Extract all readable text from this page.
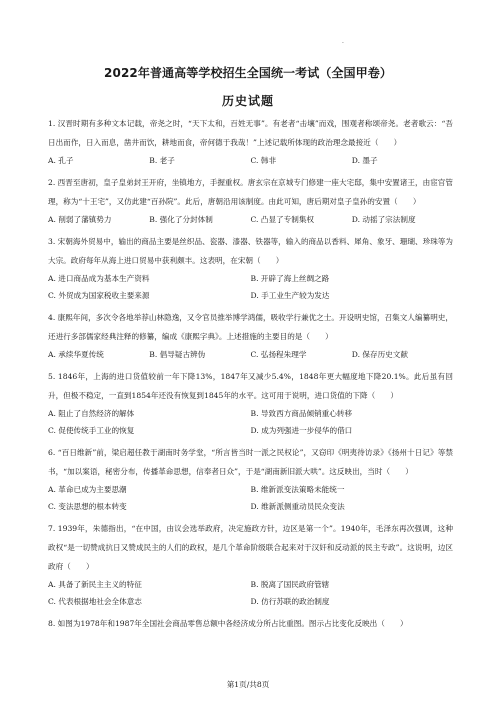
·
2022年普通高等学校招生全国统一考试（全国甲卷）
历史试题
1. 汉晋时期有多种文本记载，帝尧之时，“天下太和，百姓无事”。有老者“击壤”而戏，围观者称颂帝尧。老者歌云：“吾日出而作，日入而息，凿井而饮，耕地而食，帝何德于我哉！”上述记载所体现的政治理念最接近（　　）
A. 孔子	B. 老子	C. 韩非	D. 墨子
2. 西晋至唐初，皇子皇弟封王开府，坐镇地方，手握重权。唐玄宗在京城专门修建一座大宅邸，集中安置诸王，由宦官管理，称为“十王宅”，又仿此建“百孙院”。此后，唐朝沿用该制度。由此可知，唐后期对皇子皇孙的安置（　　）
A. 削弱了藩镇势力	B. 强化了分封体制	C. 凸显了专制集权	D. 动摇了宗法制度
3. 宋朝海外贸易中，输出的商品主要是丝织品、瓷器、漆器、铁器等，输入的商品以香料、犀角、象牙、珊瑚、珍珠等为大宗。政府每年从海上进口贸易中获利颇丰。这表明，在宋朝（　　）
A. 进口商品成为基本生产资料	B. 开辟了海上丝绸之路
C. 外贸成为国家税收主要来源	D. 手工业生产较为发达
4. 康熙年间，多次令各地举荐山林隐逸，又令官员推举博学鸿儒，吸收学行兼优之士。开设明史馆，召集文人编纂明史，还进行多部儒家经典注释的修纂，编成《康熙字典》。上述措施的主要目的是（　　）
A. 承续华夏传统	B. 倡导疑古辨伪	C. 弘扬程朱理学	D. 保存历史文献
5. 1846年，上海的进口货值较前一年下降13%，1847年又减少5.4%，1848年更大幅度地下降20.1%。此后虽有回升，但极不稳定，一直到1854年还没有恢复到1845年的水平。这可用于说明，进口货值的下降（　　）
A. 阻止了自然经济的解体	B. 导致西方商品倾销重心转移
C. 促使传统手工业的恢复	D. 成为列强进一步侵华的借口
6. “百日维新”前，梁启超任教于湖南时务学堂，“所言皆当时一派之民权论”，又窃印《明夷待访录》《扬州十日记》等禁书，“加以案语，秘密分布，传播革命思想，信奉者日众”，于是“湖南新旧派大哄”。这反映出，当时（　　）
A. 革命已成为主要思潮	B. 维新派变法策略未能统一
C. 变法思想的根本转变	D. 维新派侧重动员民众变法
7. 1939年，朱德指出，“在中国，由议会选举政府，决定施政方针，边区是第一个”。1940年，毛泽东再次强调，这种政权“是一切赞成抗日又赞成民主的人们的政权，是几个革命阶级联合起来对于汉奸和反动派的民主专政”。这说明，边区政府（　　）
A. 具备了新民主主义的特征	B. 脱离了国民政府管辖
C. 代表根据地社会全体意志	D. 仿行苏联的政治制度
8. 如图为1978年和1987年全国社会商品零售总额中各经济成分所占比重图。图示占比变化反映出（　　）
第1页/共8页
